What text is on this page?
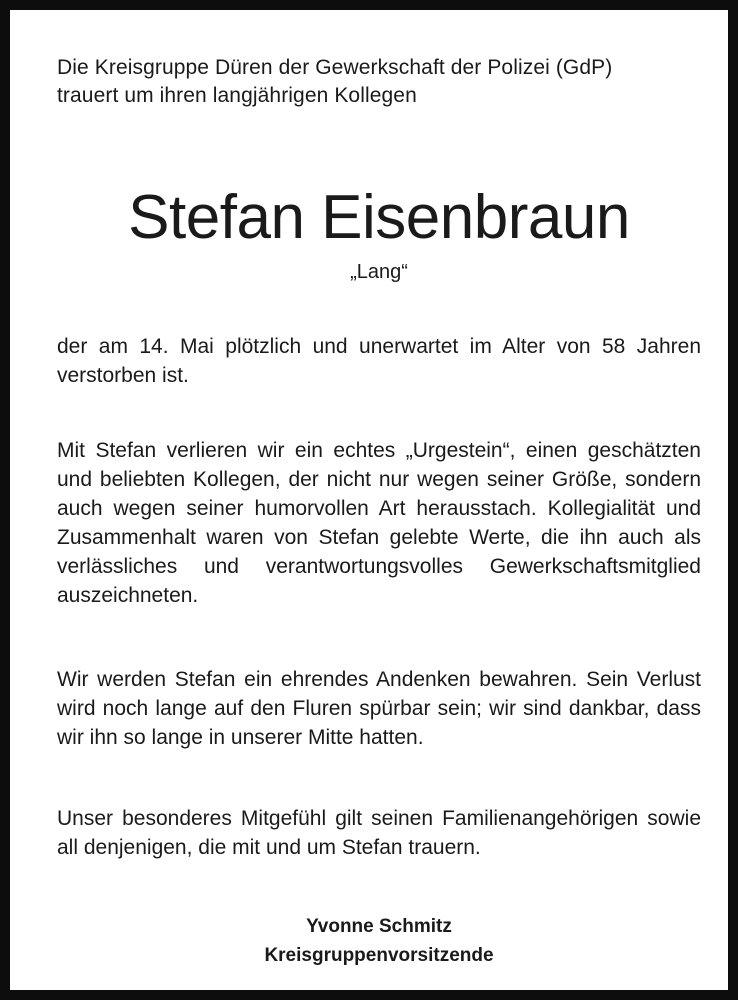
Die Kreisgruppe Düren der Gewerkschaft der Polizei (GdP)
trauert um ihren langjährigen Kollegen
Stefan Eisenbraun
„Lang“
der am 14. Mai plötzlich und unerwartet im Alter von 58 Jahren verstorben ist.
Mit Stefan verlieren wir ein echtes „Urgestein“, einen geschätzten und beliebten Kollegen, der nicht nur wegen seiner Größe, sondern auch wegen seiner humorvollen Art herausstach. Kollegialität und Zusammenhalt waren von Stefan gelebte Werte, die ihn auch als verlässliches und verantwortungsvolles Gewerkschaftsmitglied auszeichneten.
Wir werden Stefan ein ehrendes Andenken bewahren. Sein Verlust wird noch lange auf den Fluren spürbar sein; wir sind dankbar, dass wir ihn so lange in unserer Mitte hatten.
Unser besonderes Mitgefühl gilt seinen Familienangehörigen sowie all denjenigen, die mit und um Stefan trauern.
Yvonne Schmitz
Kreisgruppenvorsitzende
